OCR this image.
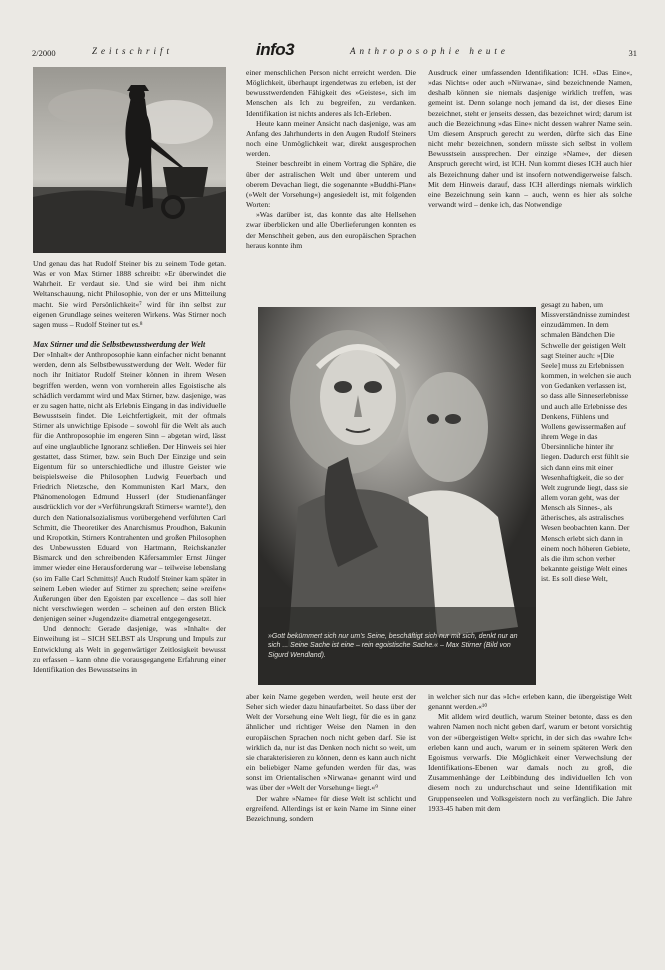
2/2000	Zeitschrift	info3	Anthroposophie heute	31

Und genau das hat Rudolf Steiner bis zu seinem Tode getan. Was er von Max Stirner 1888 schreibt: »Er überwindet die Wahrheit. Er verdaut sie. Und sie wird bei ihm nicht Weltanschauung, nicht Philosophie, von der er uns Mitteilung macht. Sie wird Persönlichkeit«⁷ wird für ihn selbst zur eigenen Grundlage seines weiteren Wirkens. Was Stirner noch sagen muss – Rudolf Steiner tut es.⁸

Max Stirner und die Selbstbewusstwerdung der Welt

Der »Inhalt« der Anthroposophie kann einfacher nicht benannt werden, denn als Selbstbewusstwerdung der Welt. Weder für noch ihr Initiator Rudolf Steiner können in ihrem Wesen begriffen werden, wenn von vornherein alles Egoistische als schädlich verdammt wird und Max Stirner, bzw. dasjenige, was er zu sagen hatte, nicht als Erlebnis Eingang in das individuelle Bewusstsein findet. Die Leichtfertigkeit, mit der oftmals Stirner als unwichtige Episode – sowohl für die Welt als auch für die Anthroposophie im engeren Sinn – abgetan wird, lässt auf eine unglaubliche Ignoranz schließen. Der Hinweis sei hier gestattet, dass Stirner, bzw. sein Buch Der Einzige und sein Eigentum für so unterschiedliche und illustre Geister wie beispielsweise die Philosophen Ludwig Feuerbach und Friedrich Nietzsche, den Kommunisten Karl Marx, den Phänomenologen Edmund Husserl (der Studienanfänger ausdrücklich vor der »Verführungskraft Stirners« warnte!), den durch den Nationalsozialismus vorübergehend verführten Carl Schmitt, die Theoretiker des Anarchismus Proudhon, Bakunin und Kropotkin, Stirners Kontrahenten und großen Philosophen des Unbewussten Eduard von Hartmann, Reichskanzler Bismarck und den schreibenden Käfersammler Ernst Jünger immer wieder eine Herausforderung war – teilweise lebenslang (so im Falle Carl Schmitts)! Auch Rudolf Steiner kam später in seinem Leben wieder auf Stirner zu sprechen; seine »reifen« Äußerungen über den Egoisten par excellence – das soll hier nicht verschwiegen werden – scheinen auf den ersten Blick denjenigen seiner »Jugendzeit« diametral entgegengesetzt.

Und dennoch: Gerade dasjenige, was »Inhalt« der Einweihung ist – SICH SELBST als Ursprung und Impuls zur Entwicklung als Welt in gegenwärtiger Zeitlosigkeit bewusst zu erfassen – kann ohne die vorausgegangene Erfahrung einer Identifikation des Bewusstseins in

einer menschlichen Person nicht erreicht werden. Die Möglichkeit, überhaupt irgendetwas zu erleben, ist der bewusstwerdenden Fähigkeit des »Geistes«, sich im Menschen als Ich zu begreifen, zu verdanken. Identifikation ist nichts anderes als Ich-Erleben.

Heute kann meiner Ansicht nach dasjenige, was am Anfang des Jahrhunderts in den Augen Rudolf Steiners noch eine Unmöglichkeit war, direkt ausgesprochen werden.

Steiner beschreibt in einem Vortrag die Sphäre, die über der astralischen Welt und über unterem und oberem Devachan liegt, die sogenannte »Buddhi-Plan« (»Welt der Vorsehung«) angesiedelt ist, mit folgenden Worten:

»Was darüber ist, das konnte das alte Hellsehen zwar überblicken und alle Überlieferungen konnten es der Menschheit geben, aus den europäischen Sprachen heraus konnte ihm

»Gott bekümmert sich nur um's Seine, beschäftigt sich nur mit sich, denkt nur an sich ... Seine Sache ist eine – rein egoistische Sache.« – Max Stirner (Bild von Sigurd Wendland).

aber kein Name gegeben werden, weil heute erst der Seher sich wieder dazu hinaufarbeitet. So dass über der Welt der Vorsehung eine Welt liegt, für die es in ganz ähnlicher und richtiger Weise den Namen in den europäischen Sprachen noch nicht geben darf. Sie ist wirklich da, nur ist das Denken noch nicht so weit, um sie charakterisieren zu können, denn es kann auch nicht ein beliebiger Name gefunden werden für das, was sonst im Orientalischen »Nirwana« genannt wird und was über der »Welt der Vorsehung« liegt.«⁹

Der wahre »Name« für diese Welt ist schlicht und ergreifend. Allerdings ist er kein Name im Sinne einer Bezeichnung, sondern

Ausdruck einer umfassenden Identifikation: ICH. »Das Eine«, »das Nichts« oder auch »Nirwana«, sind bezeichnende Namen, deshalb können sie niemals dasjenige wirklich treffen, was gemeint ist. Denn solange noch jemand da ist, der dieses Eine bezeichnet, steht er jenseits dessen, das bezeichnet wird; darum ist auch die Bezeichnung »das Eine« nicht dessen wahrer Name sein. Um diesem Anspruch gerecht zu werden, dürfte sich das Eine nicht mehr bezeichnen, sondern müsste sich selbst in vollem Bewusstsein aussprechen. Der einzige »Name«, der diesen Anspruch gerecht wird, ist ICH. Nun kommt dieses ICH auch hier als Bezeichnung daher und ist insofern notwendigerweise falsch. Mit dem Hinweis darauf, dass ICH allerdings niemals wirklich eine Bezeichnung sein kann – auch, wenn es hier als solche verwandt wird – denke ich, das Notwendige

gesagt zu haben, um Missverständnisse zumindest einzudämmen. In dem schmalen Bändchen Die Schwelle der geistigen Welt sagt Steiner auch: »[Die Seele] muss zu Erlebnissen kommen, in welchen sie auch von Gedanken verlassen ist, so dass alle Sinneserlebnisse und auch alle Erlebnisse des Denkens, Fühlens und Wollens gewissermaßen auf ihrem Wege in das Übersinnliche hinter ihr liegen. Dadurch erst fühlt sie sich dann eins mit einer Wesenhaftigkeit, die so der Welt zugrunde liegt, dass sie allem voran geht, was der Mensch als Sinnes-, als ätherisches, als astralisches Wesen beobachten kann. Der Mensch erlebt sich dann in einem noch höheren Gebiete, als die ihm schon verher bekannte geistige Welt eines ist. Es soll diese Welt,

in welcher sich nur das »Ich« erleben kann, die übergeistige Welt genannt werden.«¹⁰

Mit alldem wird deutlich, warum Steiner betonte, dass es den wahren Namen noch nicht geben darf, warum er betont vorsichtig von der »übergeistigen Welt« spricht, in der sich das »wahre Ich« erleben kann und auch, warum er in seinem späteren Werk den Egoismus verwarfs. Die Möglichkeit einer Verwechslung der Identifikations-Ebenen war damals noch zu groß, die Zusammenhänge der Leibbindung des individuellen Ich von diesem noch zu undurchschaut und seine Identifikation mit Gruppenseelen und Volksgeistern noch zu verfänglich. Die Jahre 1933-45 haben mit dem
